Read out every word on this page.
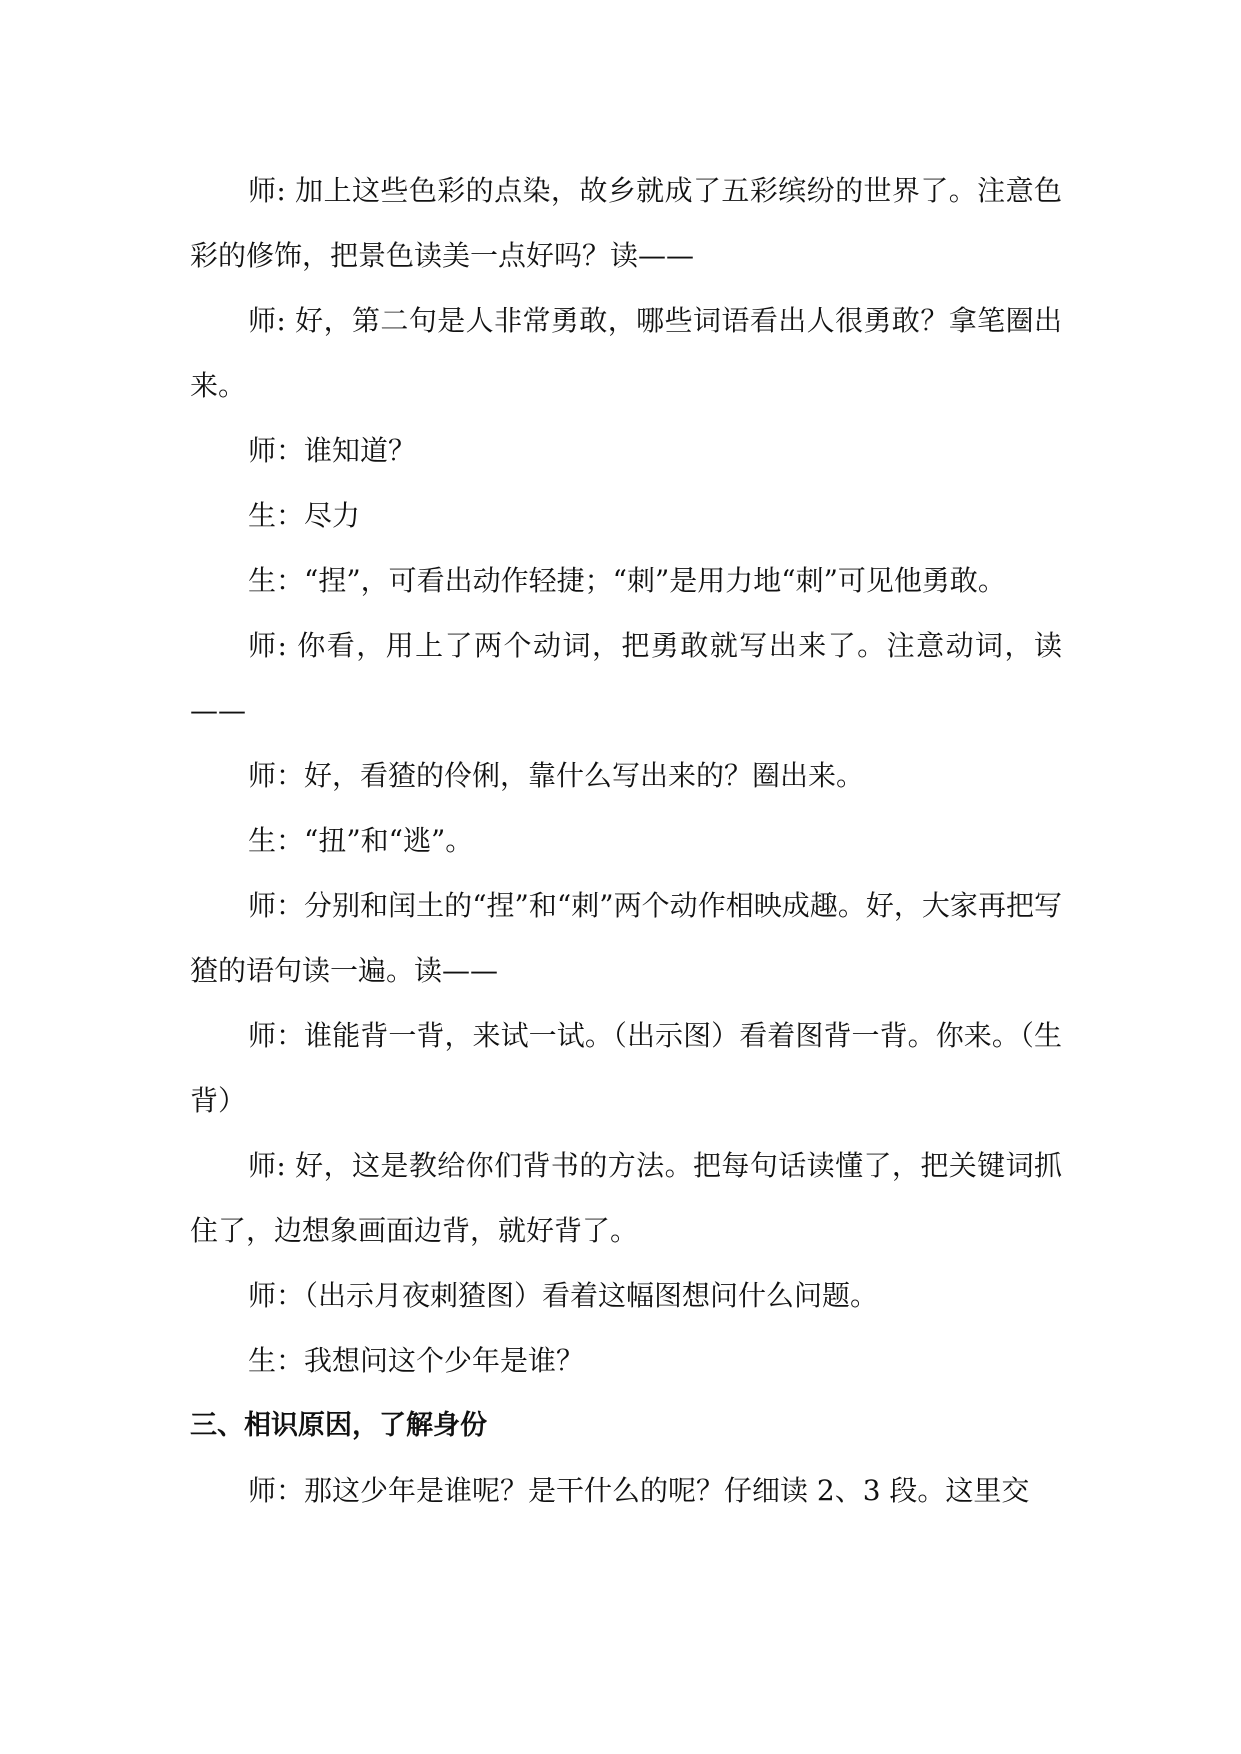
师: 加上这些色彩的点染，故乡就成了五彩缤纷的世界了。注意色彩的修饰，把景色读美一点好吗？读——

师: 好，第二句是人非常勇敢，哪些词语看出人很勇敢？拿笔圈出来。

师：谁知道？

生：尽力

生：“捏”，可看出动作轻捷；“刺”是用力地“刺”可见他勇敢。

师: 你看，用上了两个动词，把勇敢就写出来了。注意动词，读——

师：好，看猹的伶俐，靠什么写出来的？圈出来。

生：“扭”和“逃”。

师：分别和闰土的“捏”和“刺”两个动作相映成趣。好，大家再把写猹的语句读一遍。读——

师：谁能背一背，来试一试。（出示图）看着图背一背。你来。（生背）

师: 好，这是教给你们背书的方法。把每句话读懂了，把关键词抓住了，边想象画面边背，就好背了。

师：（出示月夜刺猹图）看着这幅图想问什么问题。

生：我想问这个少年是谁？

三、相识原因，了解身份

师：那这少年是谁呢？是干什么的呢？仔细读 2、3 段。这里交
